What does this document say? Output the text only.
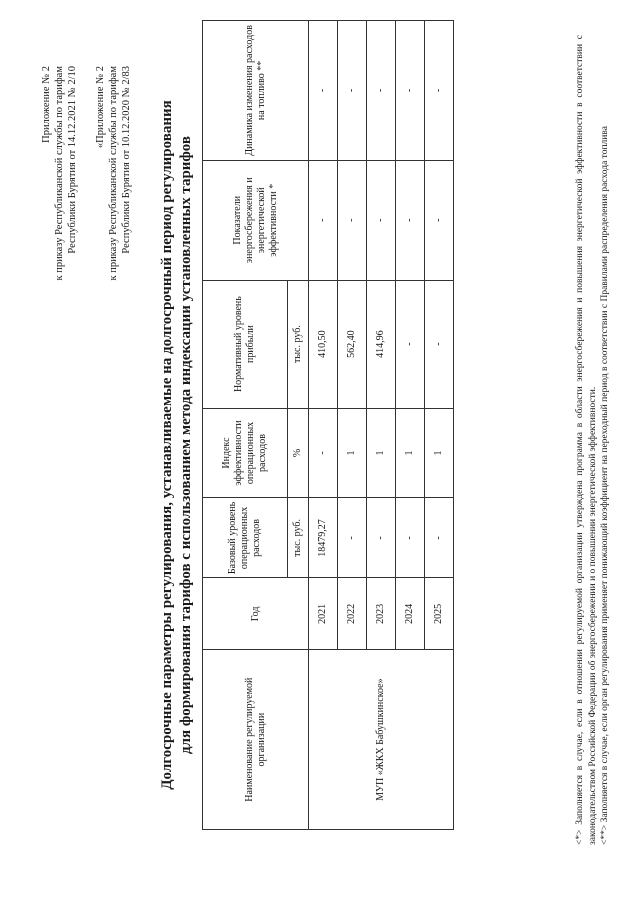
Приложение № 2 к приказу Республиканской службы по тарифам Республики Бурятия от 14.12.2021 № 2/10 «Приложение № 2 к приказу Республиканской службы по тарифам Республики Бурятия от 10.12.2020 № 2/83 Долгосрочные параметры регулирования, устанавливаемые на долгосрочный период регулирования для формирования тарифов с использованием метода индексации установленных тарифов	Наименование регулируемой организации	Год	Базовый уровень операционных расходов	Индекс эффективности операционных расходов	Нормативный уровень прибыли	Показатели энергосбережения и энергетической эффективности *	Динамика изменения расходов на топливо **
		тыс. руб.	%	тыс. руб.		
МУП «ЖКХ Бабушкинское»	2021	18479,27	-	410,50	-	-
	2022	-	1	562,40	-	-
	2023	-	1	414,96	-	-
	2024	-	1	-	-	-
	2025	-	1	-	-	-	<*> Заполняется в случае, если в отношении регулируемой организации утверждена программа в области энергосбережения и повышения энергетической эффективности в соответствии с законодательством Российской Федерации об энергосбережении и о повышении энергетической эффективности. <**> Заполняется в случае, если орган регулирования применяет понижающий коэффициент на переходный период в соответствии с Правилами распределения расхода топлива
